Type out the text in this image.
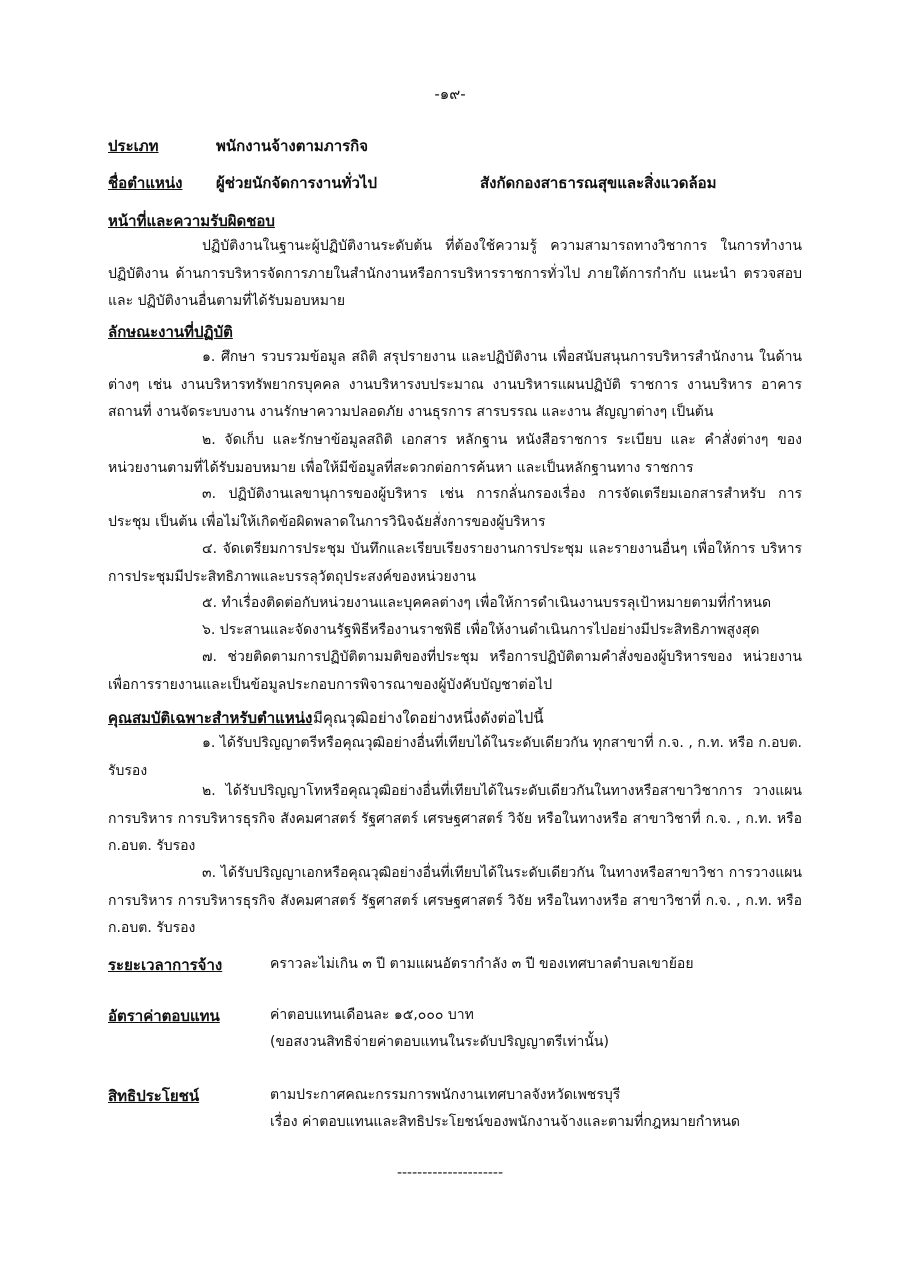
-๑๙-
ประเภท	พนักงานจ้างตามภารกิจ
ชื่อตำแหน่ง ผู้ช่วยนักจัดการงานทั่วไป	สังกัดกองสาธารณสุขและสิ่งแวดล้อม
หน้าที่และความรับผิดชอบ

ปฏิบัติงานในฐานะผู้ปฏิบัติงานระดับต้น ที่ต้องใช้ความรู้ ความสามารถทางวิชาการ ในการทำงาน ปฏิบัติงาน ด้านการบริหารจัดการภายในสำนักงานหรือการบริหารราชการทั่วไป ภายใต้การกำกับ แนะนำ ตรวจสอบ และ ปฏิบัติงานอื่นตามที่ได้รับมอบหมาย

ลักษณะงานที่ปฏิบัติ

๑. ศึกษา รวบรวมข้อมูล สถิติ สรุปรายงาน และปฏิบัติงาน เพื่อสนับสนุนการบริหารสำนักงาน ในด้านต่างๆ เช่น งานบริหารทรัพยากรบุคคล งานบริหารงบประมาณ งานบริหารแผนปฏิบัติ ราชการ งานบริหาร อาคาร สถานที่ งานจัดระบบงาน งานรักษาความปลอดภัย งานธุรการ สารบรรณ และงาน สัญญาต่างๆ เป็นต้น

๒. จัดเก็บ และรักษาข้อมูลสถิติ เอกสาร หลักฐาน หนังสือราชการ ระเบียบ และ คำสั่งต่างๆ ของ หน่วยงานตามที่ได้รับมอบหมาย เพื่อให้มีข้อมูลที่สะดวกต่อการค้นหา และเป็นหลักฐานทาง ราชการ

๓. ปฏิบัติงานเลขานุการของผู้บริหาร เช่น การกลั่นกรองเรื่อง การจัดเตรียมเอกสารสำหรับ การประชุม เป็นต้น เพื่อไม่ให้เกิดข้อผิดพลาดในการวินิจฉัยสั่งการของผู้บริหาร

๔. จัดเตรียมการประชุม บันทึกและเรียบเรียงรายงานการประชุม และรายงานอื่นๆ เพื่อให้การ บริหารการประชุมมีประสิทธิภาพและบรรลุวัตถุประสงค์ของหน่วยงาน

๕. ทำเรื่องติดต่อกับหน่วยงานและบุคคลต่างๆ เพื่อให้การดำเนินงานบรรลุเป้าหมายตามที่กำหนด

๖. ประสานและจัดงานรัฐพิธีหรืองานราชพิธี เพื่อให้งานดำเนินการไปอย่างมีประสิทธิภาพสูงสุด

๗. ช่วยติดตามการปฏิบัติตามมติของที่ประชุม หรือการปฏิบัติตามคำสั่งของผู้บริหารของ หน่วยงาน เพื่อการรายงานและเป็นข้อมูลประกอบการพิจารณาของผู้บังคับบัญชาต่อไป

คุณสมบัติเฉพาะสำหรับตำแหน่ง มีคุณวุฒิอย่างใดอย่างหนึ่งดังต่อไปนี้

๑. ได้รับปริญญาตรีหรือคุณวุฒิอย่างอื่นที่เทียบได้ในระดับเดียวกัน ทุกสาขาที่ ก.จ. , ก.ท. หรือ ก.อบต. รับรอง

๒. ได้รับปริญญาโทหรือคุณวุฒิอย่างอื่นที่เทียบได้ในระดับเดียวกันในทางหรือสาขาวิชาการ วางแผน การบริหาร การบริหารธุรกิจ สังคมศาสตร์ รัฐศาสตร์ เศรษฐศาสตร์ วิจัย หรือในทางหรือ สาขาวิชาที่ ก.จ. , ก.ท. หรือ ก.อบต. รับรอง

๓. ได้รับปริญญาเอกหรือคุณวุฒิอย่างอื่นที่เทียบได้ในระดับเดียวกัน ในทางหรือสาขาวิชา การวางแผน การบริหาร การบริหารธุรกิจ สังคมศาสตร์ รัฐศาสตร์ เศรษฐศาสตร์ วิจัย หรือในทางหรือ สาขาวิชาที่ ก.จ. , ก.ท. หรือ ก.อบต. รับรอง

ระยะเวลาการจ้าง	คราวละไม่เกิน ๓ ปี ตามแผนอัตรากำลัง ๓ ปี ของเทศบาลตำบลเขาย้อย
อัตราค่าตอบแทน	ค่าตอบแทนเดือนละ ๑๕,๐๐๐ บาท
(ขอสงวนสิทธิจ่ายค่าตอบแทนในระดับปริญญาตรีเท่านั้น)
สิทธิประโยชน์	ตามประกาศคณะกรรมการพนักงานเทศบาลจังหวัดเพชรบุรี
เรื่อง ค่าตอบแทนและสิทธิประโยชน์ของพนักงานจ้างและตามที่กฎหมายกำหนด
---------------------
